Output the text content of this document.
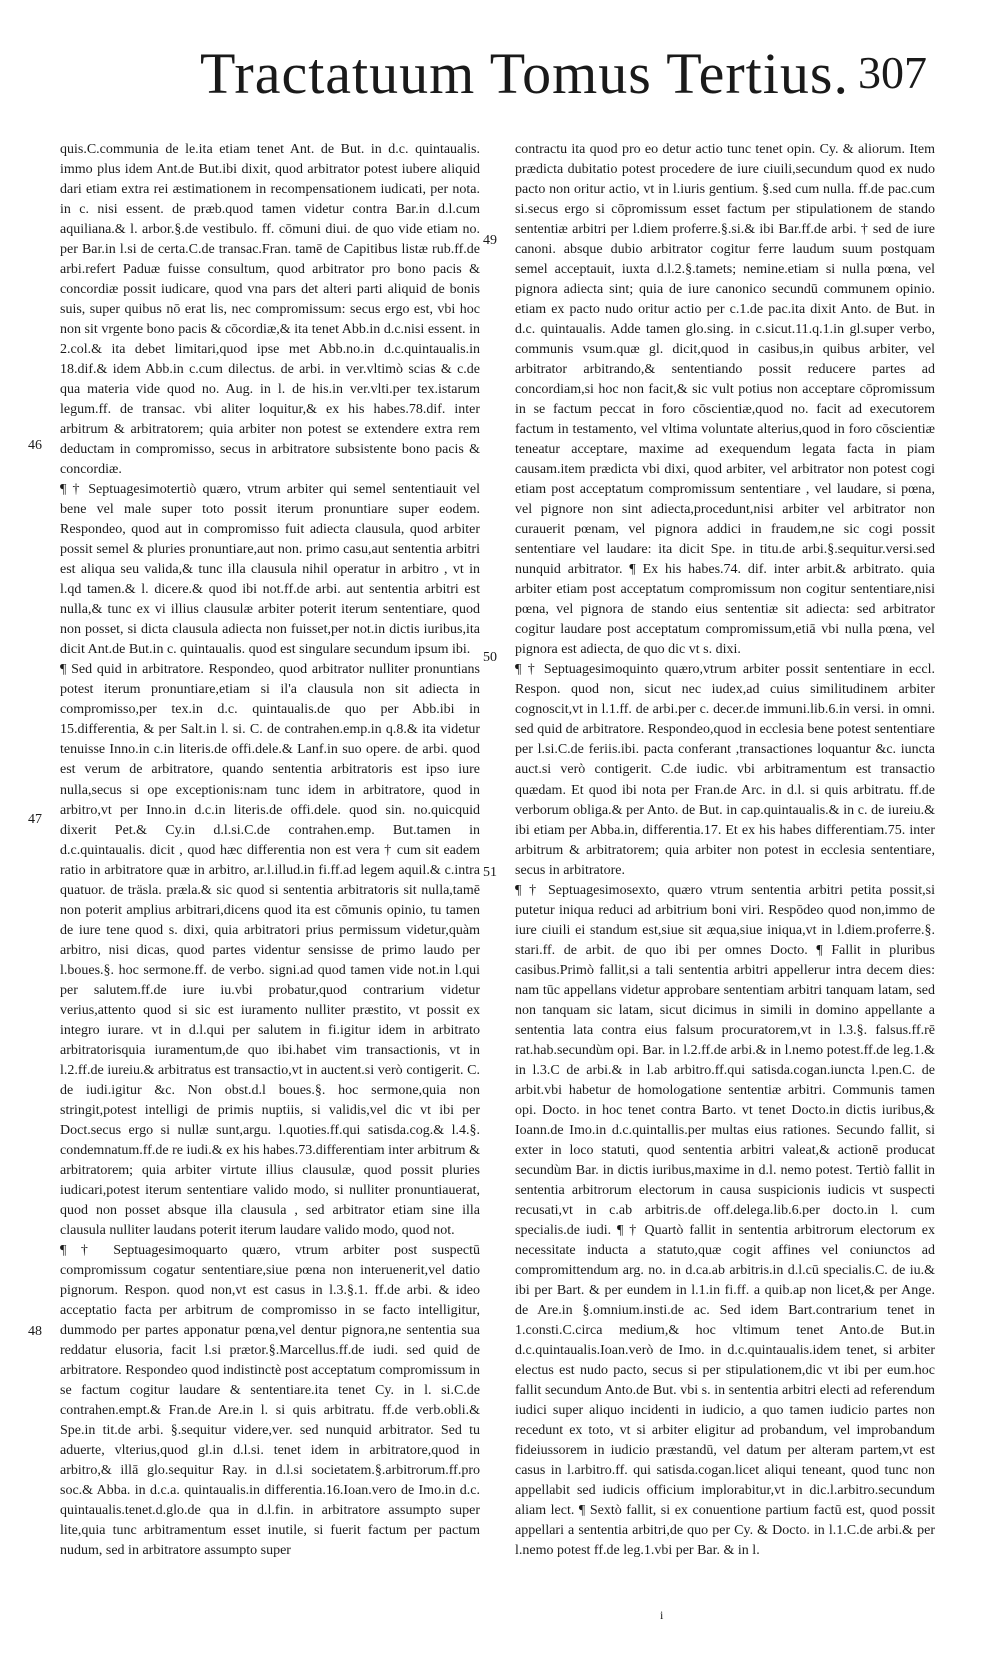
Tractatuum Tomus Tertius. 307
46
47
48
49
50
51

quis.C.communia de le.ita etiam tenet Ant. de But. in d.c. quintaualis. immo plus idem Ant.de But.ibi dixit, quod arbitrator potest iubere aliquid dari etiam extra rei æstimationem in recompensationem iudicati, per nota. in c. nisi essent. de præb.quod tamen videtur contra Bar.in d.l.cum aquiliana.& l. arbor.§.de vestibulo. ff. cōmuni diui. de quo vide etiam no. per Bar.in l.si de certa.C.de transac.Fran. tamē de Capitibus listæ rub.ff.de arbi.refert Paduæ fuisse consultum, quod arbitrator pro bono pacis & concordiæ possit iudicare, quod vna pars det alteri parti aliquid de bonis suis, super quibus nō erat lis, nec compromissum: secus ergo est, vbi hoc non sit vrgente bono pacis & cōcordiæ,& ita tenet Abb.in d.c.nisi essent. in 2.col.& ita debet limitari,quod ipse met Abb.no.in d.c.quintaualis.in 18.dif.& idem Abb.in c.cum dilectus. de arbi. in ver.vltimò scias & c.de qua materia vide quod no. Aug. in l. de his.in ver.vlti.per tex.istarum legum.ff. de transac. vbi aliter loquitur,& ex his habes.78.dif. inter arbitrum & arbitratorem; quia arbiter non potest se extendere extra rem deductam in compromisso, secus in arbitratore subsistente bono pacis & concordiæ.

¶ † Septuagesimotertiò quæro, vtrum arbiter qui semel sententiauit vel bene vel male super toto possit iterum pronuntiare super eodem. Respondeo, quod aut in compromisso fuit adiecta clausula, quod arbiter possit semel & pluries pronuntiare,aut non. primo casu,aut sententia arbitri est aliqua seu valida,& tunc illa clausula nihil operatur in arbitro , vt in l.qd tamen.& l. dicere.& quod ibi not.ff.de arbi. aut sententia arbitri est nulla,& tunc ex vi illius clausulæ arbiter poterit iterum sententiare, quod non posset, si dicta clausula adiecta non fuisset,per not.in dictis iuribus,ita dicit Ant.de But.in c. quintaualis. quod est singulare secundum ipsum ibi.

¶ Sed quid in arbitratore. Respondeo, quod arbitrator nulliter pronuntians potest iterum pronuntiare,etiam si il'a clausula non sit adiecta in compromisso,per tex.in d.c. quintaualis.de quo per Abb.ibi in 15.differentia, & per Salt.in l. si. C. de contrahen.emp.in q.8.& ita videtur tenuisse Inno.in c.in literis.de offi.dele.& Lanf.in suo opere. de arbi. quod est verum de arbitratore, quando sententia arbitratoris est ipso iure nulla,secus si ope exceptionis:nam tunc idem in arbitratore, quod in arbitro,vt per Inno.in d.c.in literis.de offi.dele. quod sin. no.quicquid dixerit Pet.& Cy.in d.l.si.C.de contrahen.emp. But.tamen in d.c.quintaualis. dicit , quod hæc differentia non est vera † cum sit eadem ratio in arbitratore quæ in arbitro, ar.l.illud.in fi.ff.ad legem aquil.& c.intra quatuor. de träsla. præla.& sic quod si sententia arbitratoris sit nulla,tamē non poterit amplius arbitrari,dicens quod ita est cōmunis opinio, tu tamen de iure tene quod s. dixi, quia arbitratori prius permissum videtur,quàm arbitro, nisi dicas, quod partes videntur sensisse de primo laudo per l.boues.§. hoc sermone.ff. de verbo. signi.ad quod tamen vide not.in l.qui per salutem.ff.de iure iu.vbi probatur,quod contrarium videtur verius,attento quod si sic est iuramento nulliter præstito, vt possit ex integro iurare. vt in d.l.qui per salutem in fi.igitur idem in arbitrato arbitratorisquia iuramentum,de quo ibi.habet vim transactionis, vt in l.2.ff.de iureiu.& arbitratus est transactio,vt in auctent.si verò contigerit. C. de iudi.igitur &c. Non obst.d.l boues.§. hoc sermone,quia non stringit,potest intelligi de primis nuptiis, si validis,vel dic vt ibi per Doct.secus ergo si nullæ sunt,argu. l.quoties.ff.qui satisda.cog.& l.4.§. condemnatum.ff.de re iudi.& ex his habes.73.differentiam inter arbitrum & arbitratorem; quia arbiter virtute illius clausulæ, quod possit pluries iudicari,potest iterum sententiare valido modo, si nulliter pronuntiauerat, quod non posset absque illa clausula , sed arbitrator etiam sine illa clausula nulliter laudans poterit iterum laudare valido modo, quod not.

¶ † Septuagesimoquarto quæro, vtrum arbiter post suspectū compromissum cogatur sententiare,siue pœna non interuenerit,vel datio pignorum. Respon. quod non,vt est casus in l.3.§.1. ff.de arbi. & ideo acceptatio facta per arbitrum de compromisso in se facto intelligitur, dummodo per partes apponatur pœna,vel dentur pignora,ne sententia sua reddatur elusoria, facit l.si prætor.§.Marcellus.ff.de iudi. sed quid de arbitratore. Respondeo quod indistinctè post acceptatum compromissum in se factum cogitur laudare & sententiare.ita tenet Cy. in l. si.C.de contrahen.empt.& Fran.de Are.in l. si quis arbitratu. ff.de verb.obli.& Spe.in tit.de arbi. §.sequitur videre,ver. sed nunquid arbitrator. Sed tu aduerte, vlterius,quod gl.in d.l.si. tenet idem in arbitratore,quod in arbitro,& illā glo.sequitur Ray. in d.l.si societatem.§.arbitrorum.ff.pro soc.& Abba. in d.c.a. quintaualis.in differentia.16.Ioan.vero de Imo.in d.c. quintaualis.tenet.d.glo.de qua in d.l.fin. in arbitratore assumpto super lite,quia tunc arbitramentum esset inutile, si fuerit factum per pactum nudum, sed in arbitratore assumpto super

contractu ita quod pro eo detur actio tunc tenet opin. Cy. & aliorum. Item prædicta dubitatio potest procedere de iure ciuili,secundum quod ex nudo pacto non oritur actio, vt in l.iuris gentium. §.sed cum nulla. ff.de pac.cum si.secus ergo si cōpromissum esset factum per stipulationem de stando sententiæ arbitri per l.diem proferre.§.si.& ibi Bar.ff.de arbi. † sed de iure canoni. absque dubio arbitrator cogitur ferre laudum suum postquam semel acceptauit, iuxta d.l.2.§.tamets; nemine.etiam si nulla pœna, vel pignora adiecta sint; quia de iure canonico secundū communem opinio. etiam ex pacto nudo oritur actio per c.1.de pac.ita dixit Anto. de But. in d.c. quintaualis. Adde tamen glo.sing. in c.sicut.11.q.1.in gl.super verbo, communis vsum.quæ gl. dicit,quod in casibus,in quibus arbiter, vel arbitrator arbitrando,& sententiando possit reducere partes ad concordiam,si hoc non facit,& sic vult potius non acceptare cōpromissum in se factum peccat in foro cōscientiæ,quod no. facit ad executorem factum in testamento, vel vltima voluntate alterius,quod in foro cōscientiæ teneatur acceptare, maxime ad exequendum legata facta in piam causam.item prædicta vbi dixi, quod arbiter, vel arbitrator non potest cogi etiam post acceptatum compromissum sententiare , vel laudare, si pœna, vel pignore non sint adiecta,procedunt,nisi arbiter vel arbitrator non curauerit pœnam, vel pignora addici in fraudem,ne sic cogi possit sententiare vel laudare: ita dicit Spe. in titu.de arbi.§.sequitur.versi.sed nunquid arbitrator. ¶ Ex his habes.74. dif. inter arbit.& arbitrato. quia arbiter etiam post acceptatum compromissum non cogitur sententiare,nisi pœna, vel pignora de stando eius sententiæ sit adiecta: sed arbitrator cogitur laudare post acceptatum compromissum,etiā vbi nulla pœna, vel pignora est adiecta, de quo dic vt s. dixi.

¶ † Septuagesimoquinto quæro,vtrum arbiter possit sententiare in eccl. Respon. quod non, sicut nec iudex,ad cuius similitudinem arbiter cognoscit,vt in l.1.ff. de arbi.per c. decer.de immuni.lib.6.in versi. in omni. sed quid de arbitratore. Respondeo,quod in ecclesia bene potest sententiare per l.si.C.de feriis.ibi. pacta conferant ,transactiones loquantur &c. iuncta auct.si verò contigerit. C.de iudic. vbi arbitramentum est transactio quædam. Et quod ibi nota per Fran.de Arc. in d.l. si quis arbitratu. ff.de verborum obliga.& per Anto. de But. in cap.quintaualis.& in c. de iureiu.& ibi etiam per Abba.in, differentia.17. Et ex his habes differentiam.75. inter arbitrum & arbitratorem; quia arbiter non potest in ecclesia sententiare, secus in arbitratore.

¶ † Septuagesimosexto, quæro vtrum sententia arbitri petita possit,si putetur iniqua reduci ad arbitrium boni viri. Respōdeo quod non,immo de iure ciuili ei standum est,siue sit æqua,siue iniqua,vt in l.diem.proferre.§. stari.ff. de arbit. de quo ibi per omnes Docto. ¶ Fallit in pluribus casibus.Primò fallit,si a tali sententia arbitri appellerur intra decem dies: nam tūc appellans videtur approbare sententiam arbitri tanquam latam, sed non tanquam sic latam, sicut dicimus in simili in domino appellante a sententia lata contra eius falsum procuratorem,vt in l.3.§. falsus.ff.rē rat.hab.secundùm opi. Bar. in l.2.ff.de arbi.& in l.nemo potest.ff.de leg.1.& in l.3.C de arbi.& in l.ab arbitro.ff.qui satisda.cogan.iuncta l.pen.C. de arbit.vbi habetur de homologatione sententiæ arbitri. Communis tamen opi. Docto. in hoc tenet contra Barto. vt tenet Docto.in dictis iuribus,& Ioann.de Imo.in d.c.quintallis.per multas eius rationes. Secundo fallit, si exter in loco statuti, quod sententia arbitri valeat,& actionē producat secundùm Bar. in dictis iuribus,maxime in d.l. nemo potest. Tertiò fallit in sententia arbitrorum electorum in causa suspicionis iudicis vt suspecti recusati,vt in c.ab arbitris.de off.delega.lib.6.per docto.in l. cum specialis.de iudi. ¶ † Quartò fallit in sententia arbitrorum electorum ex necessitate inducta a statuto,quæ cogit affines vel coniunctos ad compromittendum arg. no. in d.ca.ab arbitris.in d.l.cū specialis.C. de iu.& ibi per Bart. & per eundem in l.1.in fi.ff. a quib.ap non licet,& per Ange. de Are.in §.omnium.insti.de ac. Sed idem Bart.contrarium tenet in 1.consti.C.circa medium,& hoc vltimum tenet Anto.de But.in d.c.quintaualis.Ioan.verò de Imo. in d.c.quintaualis.idem tenet, si arbiter electus est nudo pacto, secus si per stipulationem,dic vt ibi per eum.hoc fallit secundum Anto.de But. vbi s. in sententia arbitri electi ad referendum iudici super aliquo incidenti in iudicio, a quo tamen iudicio partes non recedunt ex toto, vt si arbiter eligitur ad probandum, vel improbandum fideiussorem in iudicio præstandū, vel datum per alteram partem,vt est casus in l.arbitro.ff. qui satisda.cogan.licet aliqui teneant, quod tunc non appellabit sed iudicis officium implorabitur,vt in dic.l.arbitro.secundum aliam lect. ¶ Sextò fallit, si ex conuentione partium factū est, quod possit appellari a sententia arbitri,de quo per Cy. & Docto. in l.1.C.de arbi.& per l.nemo potest ff.de leg.1.vbi per Bar. & in l.

i
